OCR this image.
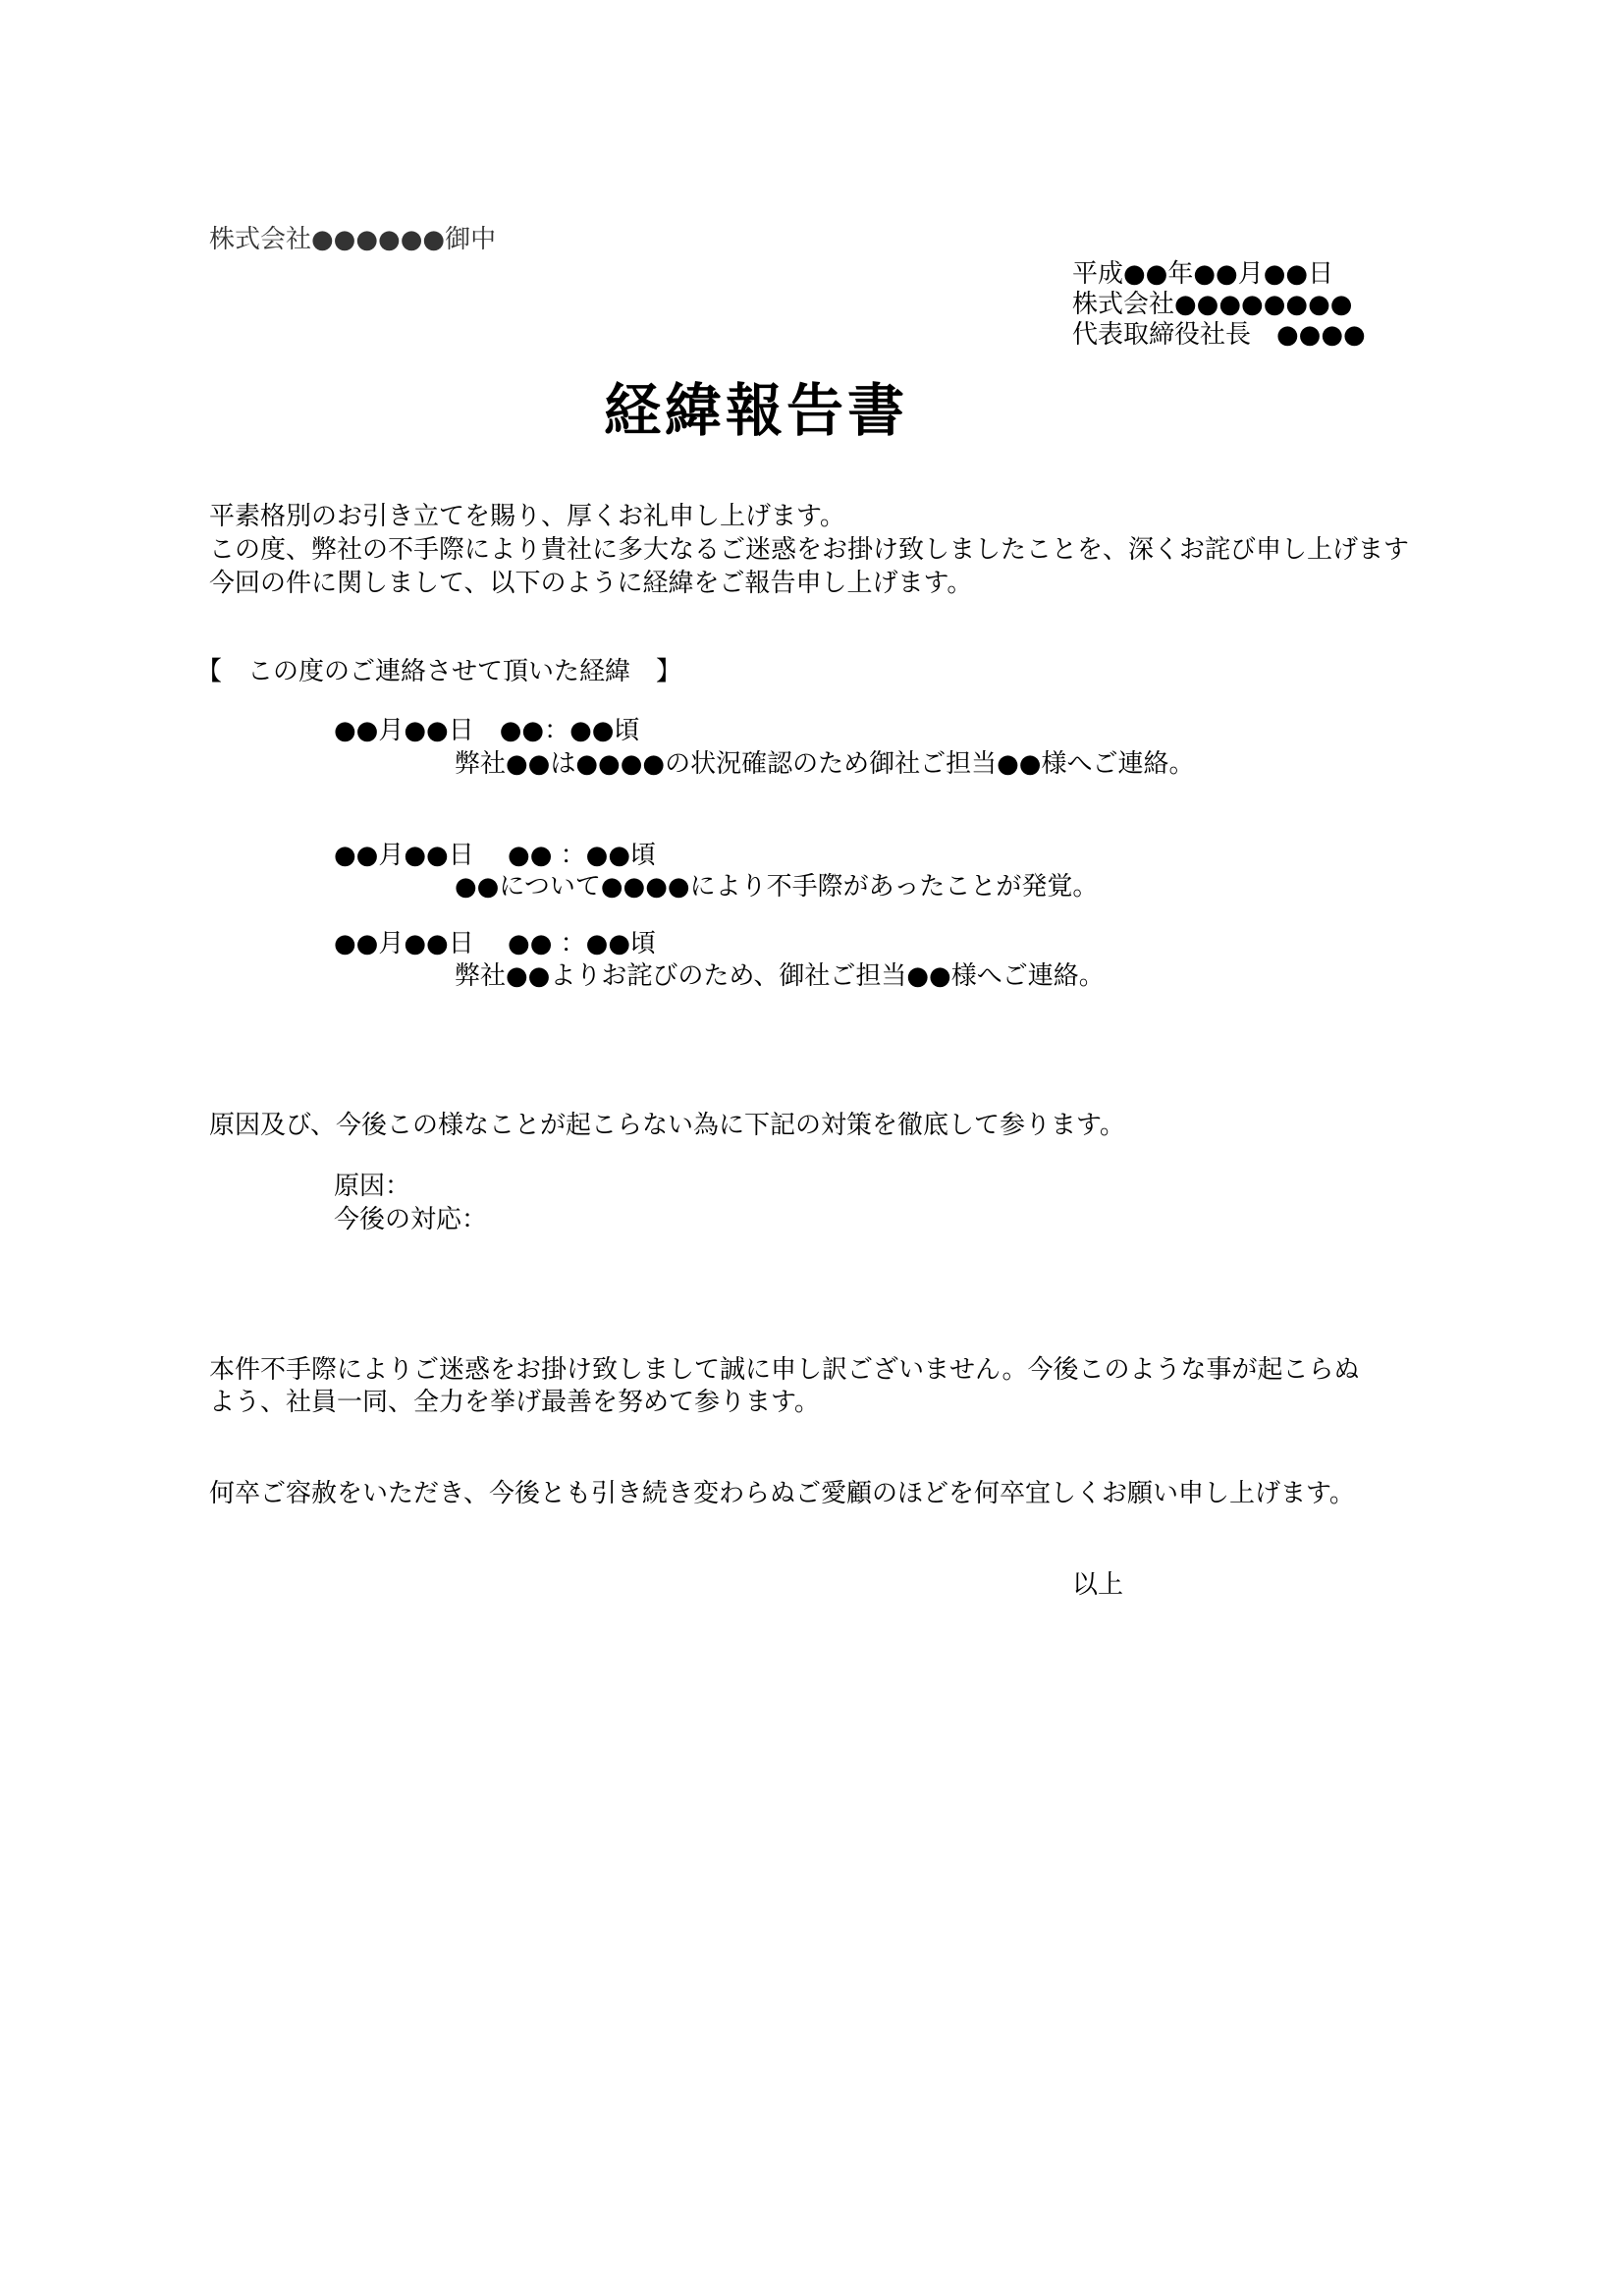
株式会社●●●●●●御中
平成●●年●●月●●日
株式会社●●●●●●●●
代表取締役社長　●●●●
経緯報告書
平素格別のお引き立てを賜り、厚くお礼申し上げます。
この度、弊社の不手際により貴社に多大なるご迷惑をお掛け致しましたことを、深くお詫び申し上げます
今回の件に関しまして、以下のように経緯をご報告申し上げます。
【　この度のご連絡させて頂いた経緯　】
●●月●●日　●●：●●頃
弊社●●は●●●●の状況確認のため御社ご担当●●様へご連絡。
●●月●●日　 ●● ：●●頃
●●について●●●●により不手際があったことが発覚。
●●月●●日　 ●● ：●●頃
弊社●●よりお詫びのため、御社ご担当●●様へご連絡。
原因及び、今後この様なことが起こらない為に下記の対策を徹底して参ります。
原因：
今後の対応：
本件不手際によりご迷惑をお掛け致しまして誠に申し訳ございません。今後このような事が起こらぬ
よう、社員一同、全力を挙げ最善を努めて参ります。
何卒ご容赦をいただき、今後とも引き続き変わらぬご愛顧のほどを何卒宜しくお願い申し上げます。
以上
